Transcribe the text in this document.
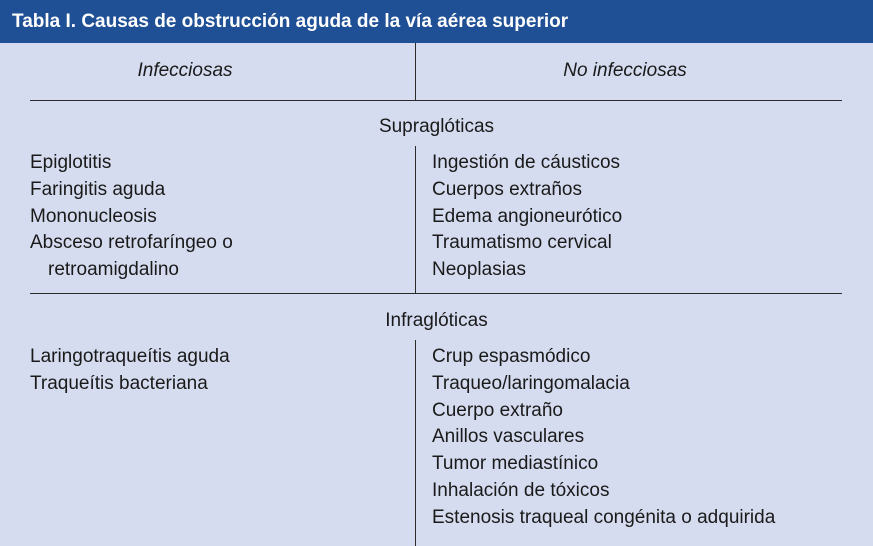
Tabla I. Causas de obstrucción aguda de la vía aérea superior
Infecciosas	No infecciosas
Supraglóticas
Epiglotitis
Faringitis aguda
Mononucleosis
Absceso retrofaríngeo o
retroamigdalino
Ingestión de cáusticos
Cuerpos extraños
Edema angioneurótico
Traumatismo cervical
Neoplasias
Infraglóticas
Laringotraqueítis aguda
Traqueítis bacteriana
Crup espasmódico
Traqueo/laringomalacia
Cuerpo extraño
Anillos vasculares
Tumor mediastínico
Inhalación de tóxicos
Estenosis traqueal congénita o adquirida
